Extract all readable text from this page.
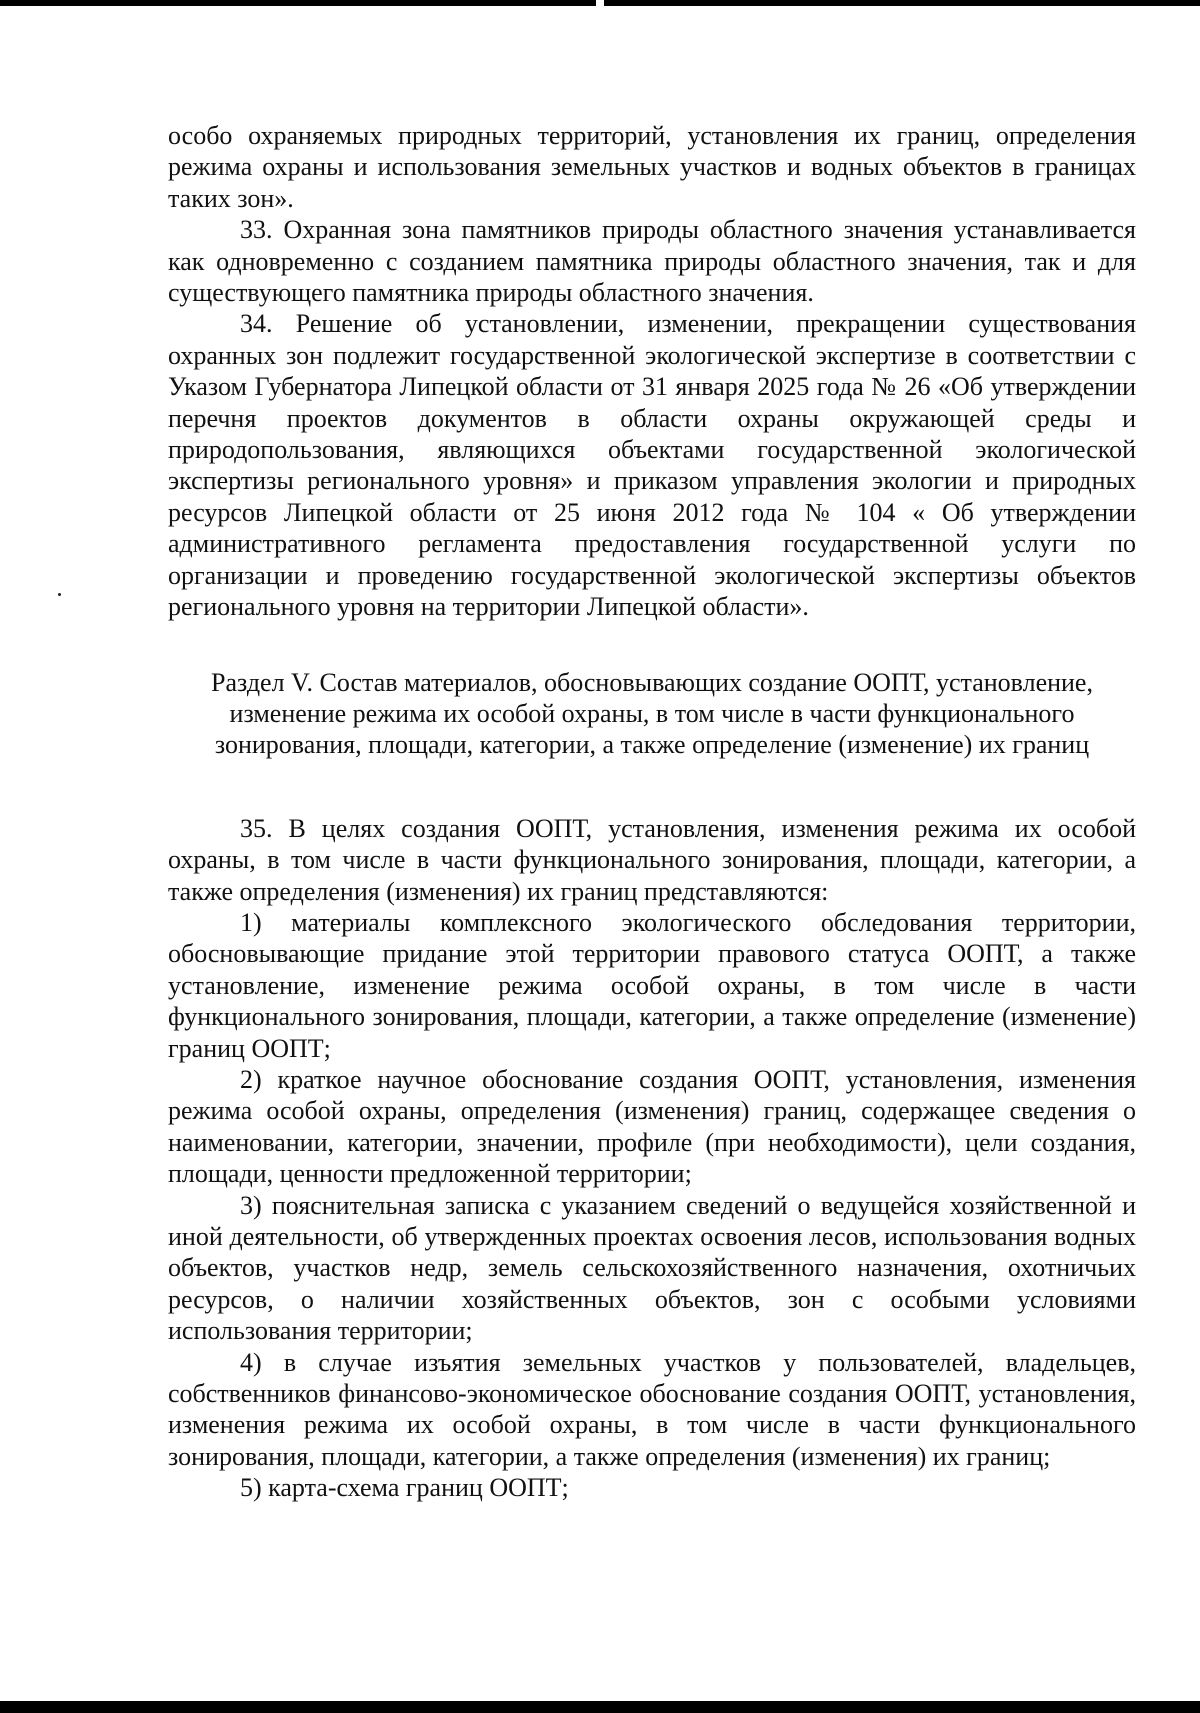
особо охраняемых природных территорий, установления их границ, определения режима охраны и использования земельных участков и водных объектов в границах таких зон».

33. Охранная зона памятников природы областного значения устанавливается как одновременно с созданием памятника природы областного значения, так и для существующего памятника природы областного значения.

34. Решение об установлении, изменении, прекращении существования охранных зон подлежит государственной экологической экспертизе в соответствии с Указом Губернатора Липецкой области от 31 января 2025 года № 26 «Об утверждении перечня проектов документов в области охраны окружающей среды и природопользования, являющихся объектами государственной экологической экспертизы регионального уровня» и приказом управления экологии и природных ресурсов Липецкой области от 25 июня 2012 года № 104 « Об утверждении административного регламента предоставления государственной услуги по организации и проведению государственной экологической экспертизы объектов регионального уровня на территории Липецкой области».

Раздел V. Состав материалов, обосновывающих создание ООПТ, установление, изменение режима их особой охраны, в том числе в части функционального зонирования, площади, категории, а также определение (изменение) их границ

35. В целях создания ООПТ, установления, изменения режима их особой охраны, в том числе в части функционального зонирования, площади, категории, а также определения (изменения) их границ представляются:

1) материалы комплексного экологического обследования территории, обосновывающие придание этой территории правового статуса ООПТ, а также установление, изменение режима особой охраны, в том числе в части функционального зонирования, площади, категории, а также определение (изменение) границ ООПТ;

2) краткое научное обоснование создания ООПТ, установления, изменения режима особой охраны, определения (изменения) границ, содержащее сведения о наименовании, категории, значении, профиле (при необходимости), цели создания, площади, ценности предложенной территории;

3) пояснительная записка с указанием сведений о ведущейся хозяйственной и иной деятельности, об утвержденных проектах освоения лесов, использования водных объектов, участков недр, земель сельскохозяйственного назначения, охотничьих ресурсов, о наличии хозяйственных объектов, зон с особыми условиями использования территории;

4) в случае изъятия земельных участков у пользователей, владельцев, собственников финансово-экономическое обоснование создания ООПТ, установления, изменения режима их особой охраны, в том числе в части функционального зонирования, площади, категории, а также определения (изменения) их границ;

5) карта-схема границ ООПТ;
